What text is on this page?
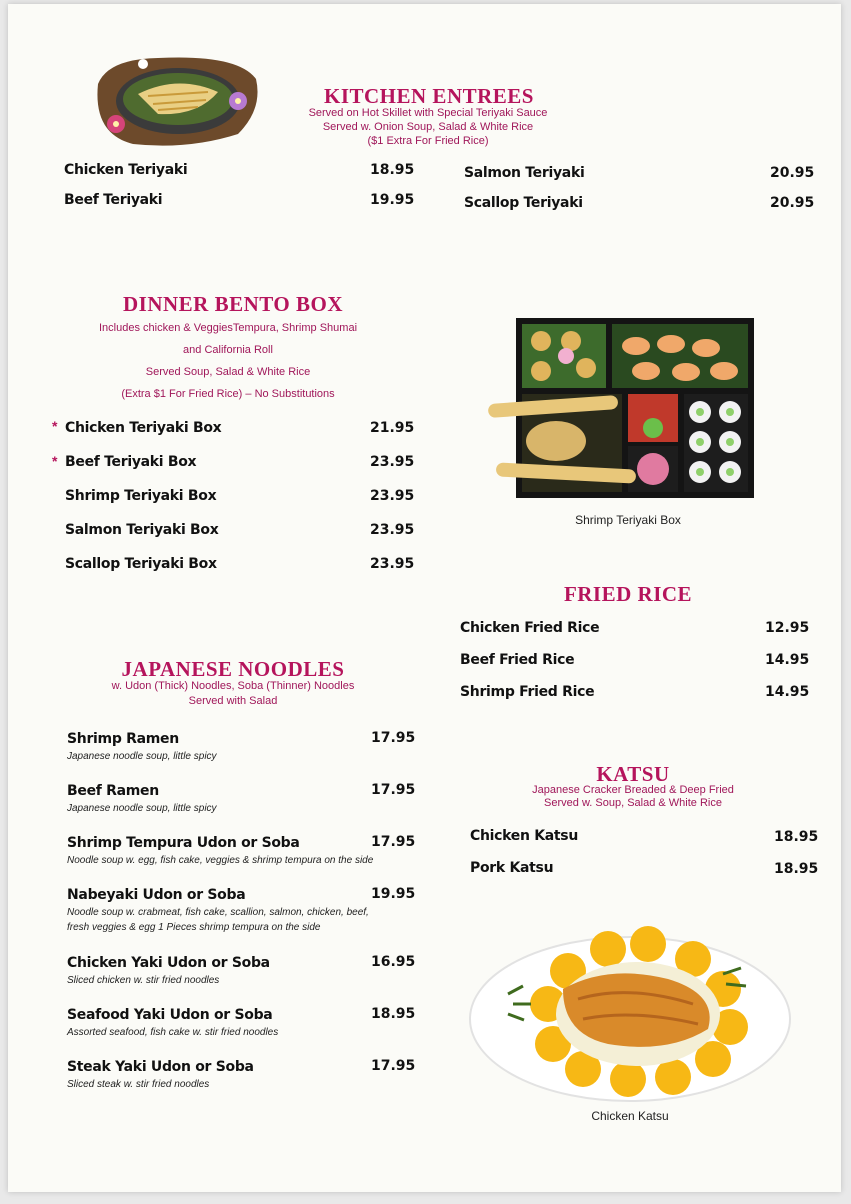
KITCHEN ENTREES
Served on Hot Skillet with Special Teriyaki Sauce
Served w. Onion Soup, Salad & White Rice
($1 Extra For Fried Rice)
Chicken Teriyaki	18.95
Beef Teriyaki	19.95
Salmon Teriyaki	20.95
Scallop Teriyaki	20.95
DINNER BENTO BOX
Includes chicken & VeggiesTempura, Shrimp Shumai
and California Roll
Served Soup, Salad & White Rice
(Extra $1 For Fried Rice) – No Substitutions
*
*
Chicken Teriyaki Box	21.95
Beef Teriyaki Box	23.95
Shrimp Teriyaki Box	23.95
Salmon Teriyaki Box	23.95
Scallop Teriyaki Box	23.95
Shrimp Teriyaki Box
FRIED RICE
Chicken Fried Rice	12.95
Beef Fried Rice	14.95
Shrimp Fried Rice	14.95
JAPANESE NOODLES
w. Udon (Thick) Noodles, Soba (Thinner) Noodles
Served with Salad
Shrimp Ramen	17.95
Japanese noodle soup, little spicy
Beef Ramen	17.95
Japanese noodle soup, little spicy
Shrimp Tempura Udon or Soba	17.95
Noodle soup w. egg, fish cake, veggies & shrimp tempura on the side
Nabeyaki Udon or Soba	19.95
Noodle soup w. crabmeat, fish cake, scallion, salmon, chicken, beef,
fresh veggies & egg 1 Pieces shrimp tempura on the side
Chicken Yaki Udon or Soba	16.95
Sliced chicken w. stir fried noodles
Seafood Yaki Udon or Soba	18.95
Assorted seafood, fish cake w. stir fried noodles
Steak Yaki Udon or Soba	17.95
Sliced steak w. stir fried noodles
KATSU
Japanese Cracker Breaded & Deep Fried
Served w. Soup, Salad & White Rice
Chicken Katsu	18.95
Pork Katsu	18.95
Chicken Katsu
